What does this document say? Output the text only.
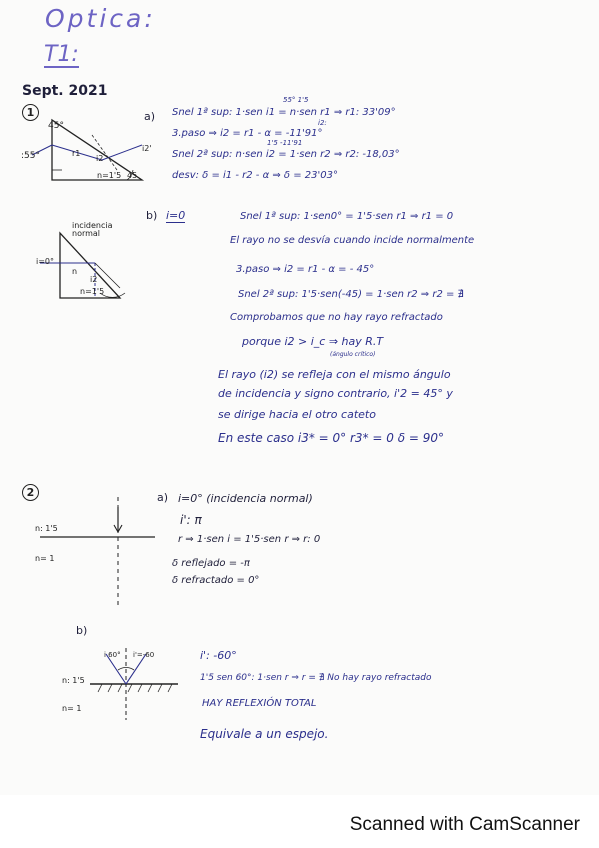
Optica:
T1:
Sept. 2021
1
45°
:55°
n=1'5 45
i2'
r1
i2
a)
55° 1'5
Snel 1ª sup: 1·sen i1 = n·sen r1 ⇒ r1: 33'09°
i2:
3.paso ⇒ i2 = r1 - α = -11'91°
1'5 -11'91
Snel 2ª sup: n·sen i2 = 1·sen r2 ⇒ r2: -18,03°
desv: δ = i1 - r2 - α ⇒ δ = 23'03°
incidencia normal
i=0°
n
i2
n=1'5
b) i=0	Snel 1ª sup: 1·sen0° = 1'5·sen r1 ⇒ r1 = 0
El rayo no se desvía cuando incide normalmente
3.paso ⇒ i2 = r1 - α = - 45°
Snel 2ª sup: 1'5·sen(-45) = 1·sen r2 ⇒ r2 = ∄
Comprobamos que no hay rayo refractado
porque i2 > i_c ⇒ hay R.T
(ángulo crítico)
El rayo (i2) se refleja con el mismo ángulo
de incidencia y signo contrario, i'2 = 45° y
se dirige hacia el otro cateto
En este caso i3* = 0° r3* = 0 δ = 90°
2
n: 1'5
n= 1
a) i=0° (incidencia normal)
i': π
r ⇒ 1·sen i = 1'5·sen r ⇒ r: 0
δ reflejado = -π
δ refractado = 0°
b)
n: 1'5
n= 1
i 60° i'=-60	i': -60°
1'5 sen 60°: 1·sen r ⇒ r = ∄ No hay rayo refractado
HAY REFLEXIÓN TOTAL
Equivale a un espejo.
Scanned with CamScanner
